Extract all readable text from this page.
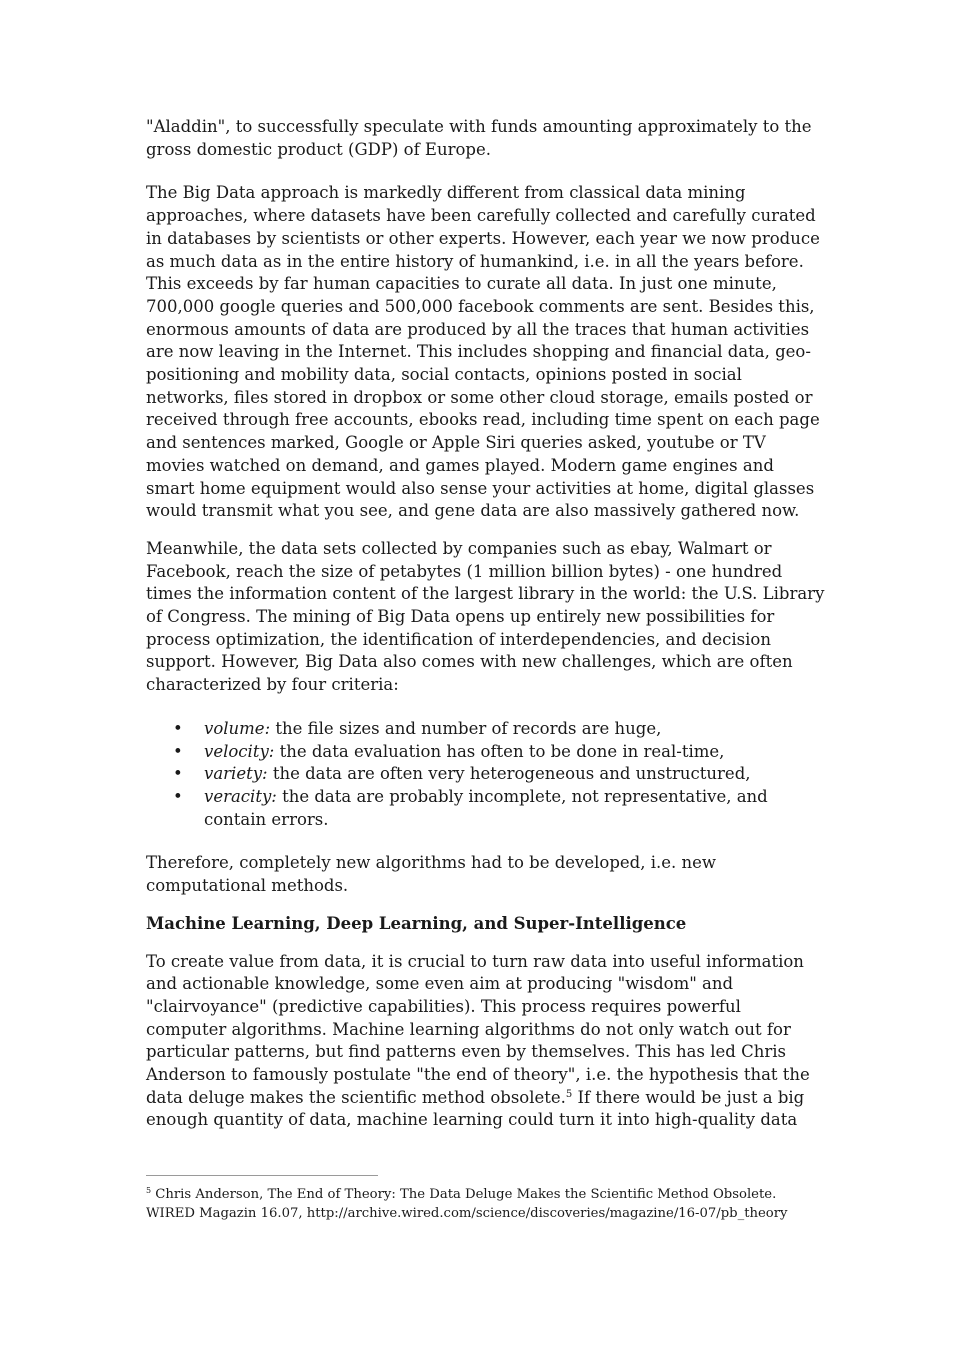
"Aladdin", to successfully speculate with funds amounting approximately to the gross domestic product (GDP) of Europe.

The Big Data approach is markedly different from classical data mining approaches, where datasets have been carefully collected and carefully curated in databases by scientists or other experts. However, each year we now produce as much data as in the entire history of humankind, i.e. in all the years before. This exceeds by far human capacities to curate all data. In just one minute, 700,000 google queries and 500,000 facebook comments are sent. Besides this, enormous amounts of data are produced by all the traces that human activities are now leaving in the Internet. This includes shopping and financial data, geo-positioning and mobility data, social contacts, opinions posted in social networks, files stored in dropbox or some other cloud storage, emails posted or received through free accounts, ebooks read, including time spent on each page and sentences marked, Google or Apple Siri queries asked, youtube or TV movies watched on demand, and games played. Modern game engines and smart home equipment would also sense your activities at home, digital glasses would transmit what you see, and gene data are also massively gathered now.

Meanwhile, the data sets collected by companies such as ebay, Walmart or Facebook, reach the size of petabytes (1 million billion bytes) - one hundred times the information content of the largest library in the world: the U.S. Library of Congress. The mining of Big Data opens up entirely new possibilities for process optimization, the identification of interdependencies, and decision support. However, Big Data also comes with new challenges, which are often characterized by four criteria:

• volume: the file sizes and number of records are huge,
• velocity: the data evaluation has often to be done in real-time,
• variety: the data are often very heterogeneous and unstructured,
• veracity: the data are probably incomplete, not representative, and contain errors.

Therefore, completely new algorithms had to be developed, i.e. new computational methods.

Machine Learning, Deep Learning, and Super-Intelligence

To create value from data, it is crucial to turn raw data into useful information and actionable knowledge, some even aim at producing "wisdom" and "clairvoyance" (predictive capabilities). This process requires powerful computer algorithms. Machine learning algorithms do not only watch out for particular patterns, but find patterns even by themselves. This has led Chris Anderson to famously postulate "the end of theory", i.e. the hypothesis that the data deluge makes the scientific method obsolete.$^5$ If there would be just a big enough quantity of data, machine learning could turn it into high-quality data

$^5$ Chris Anderson, The End of Theory: The Data Deluge Makes the Scientific Method Obsolete. WIRED Magazin 16.07, http://archive.wired.com/science/discoveries/magazine/16-07/pb_theory
